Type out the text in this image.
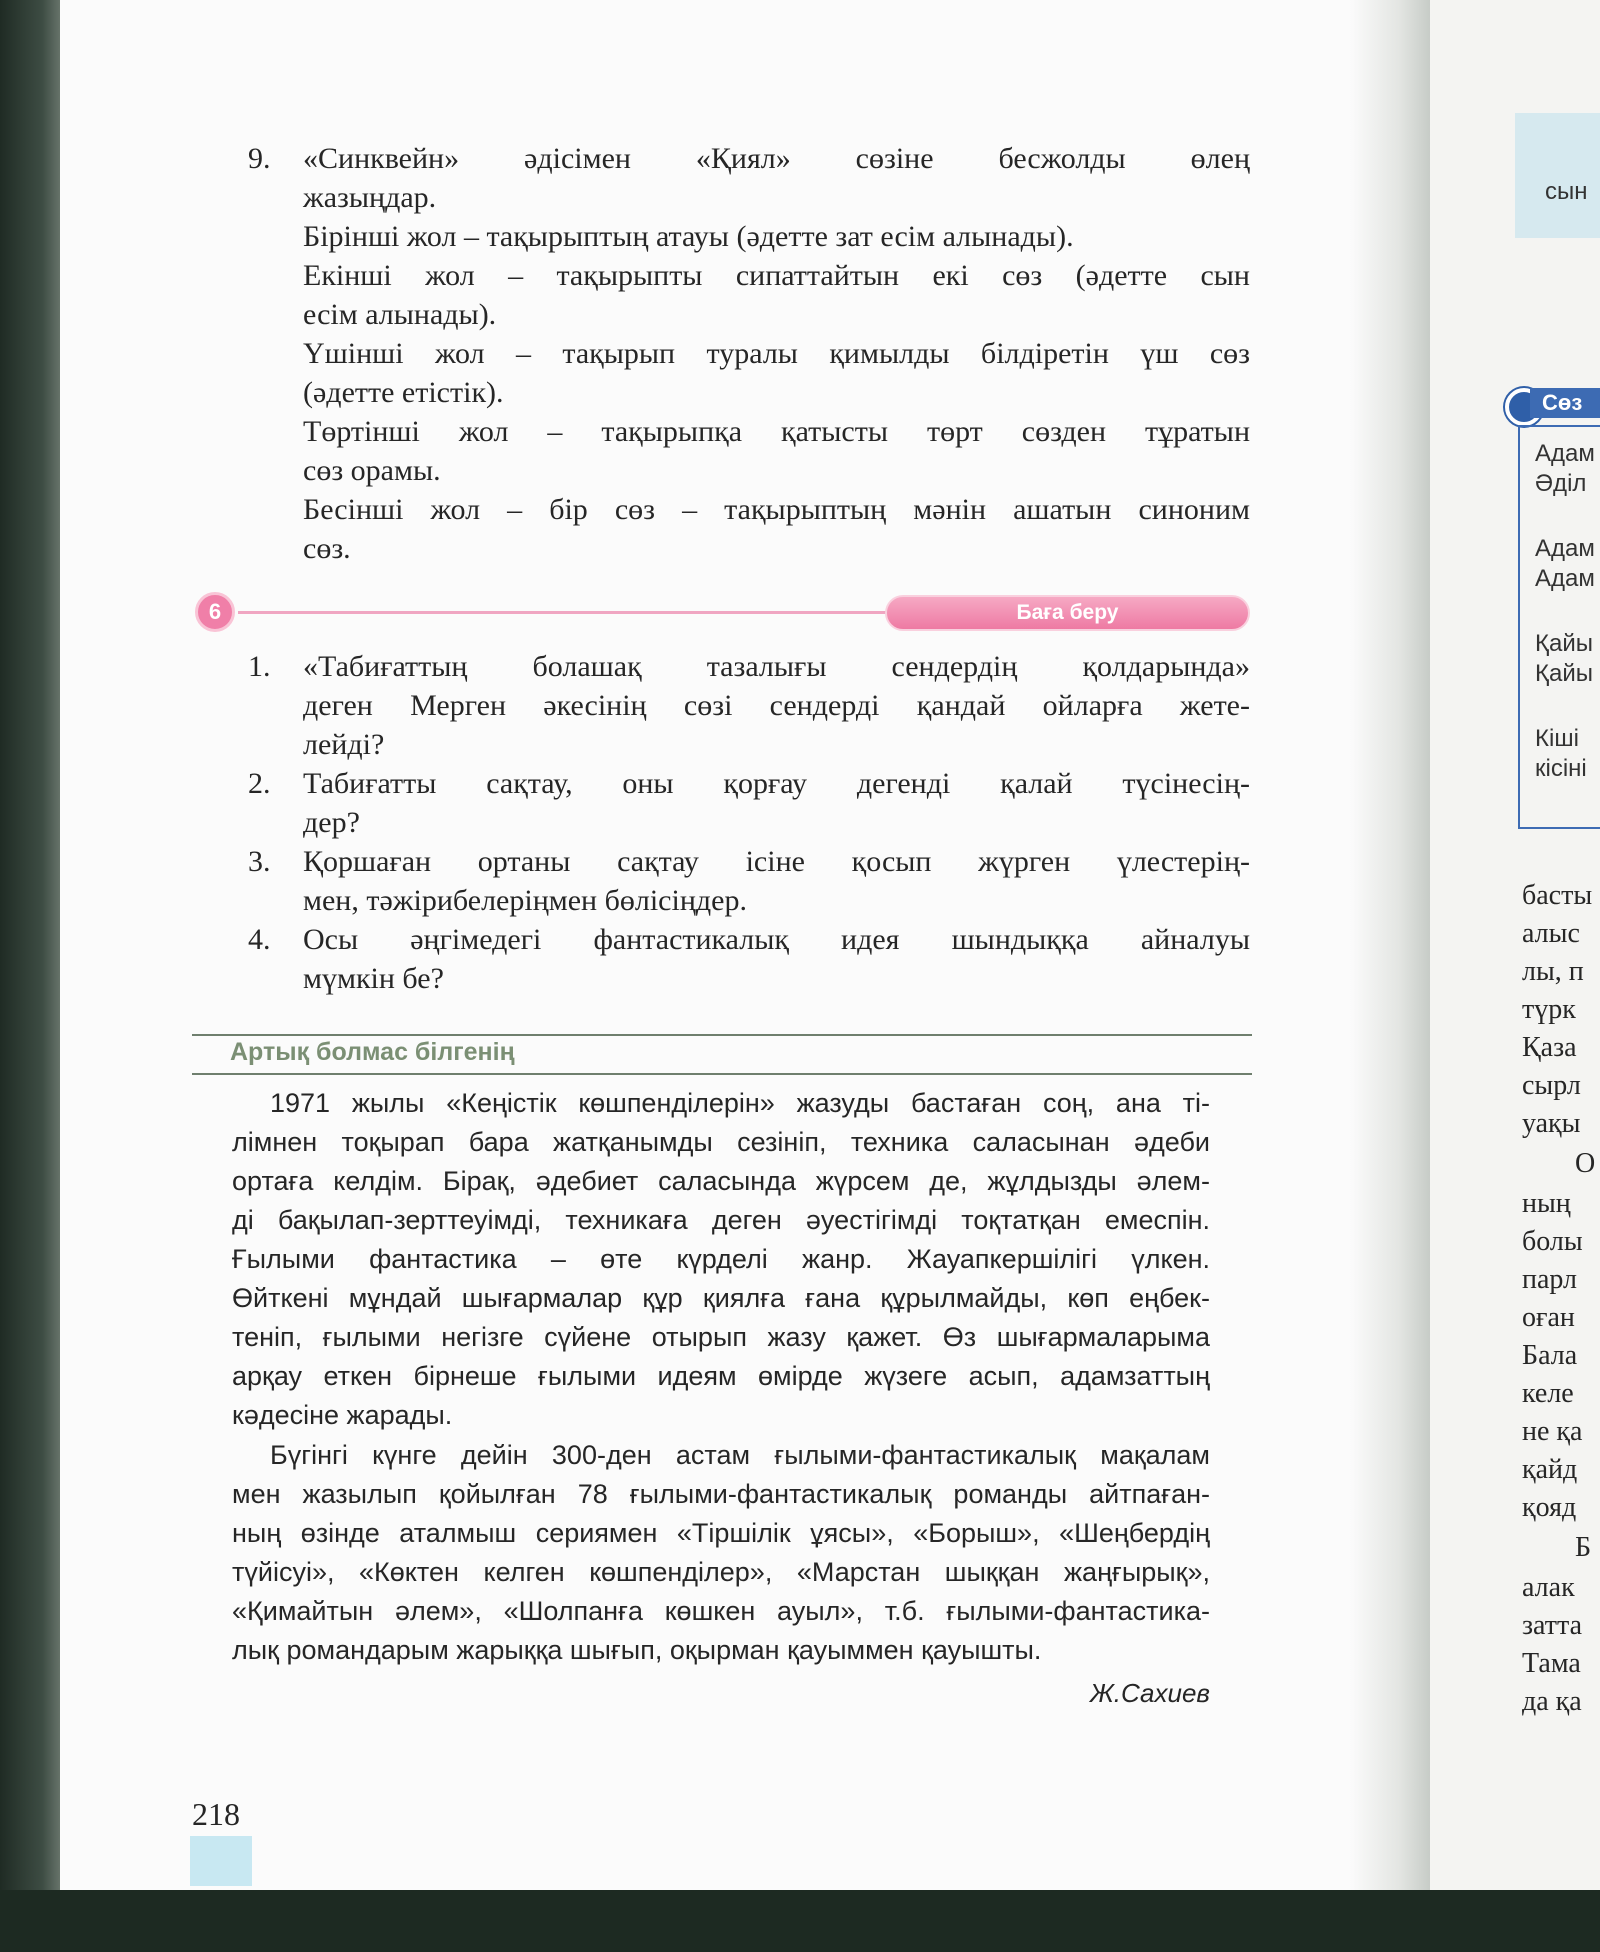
сын
Сөз
Адам
Әділ
Адам
Адам
Қайы
Қайы
Кіші
кісіні
басты
алыс
лы, п
түрк
Қаза
сырл
уақы
О
ның
болы
парл
оған
Бала
келе
не қа
қайд
қояд
Б
алак
затта
Тама
да қа
9.	«Синквейн» әдісімен «Қиял» сөзіне бесжолды өлең
жазыңдар.
Бірінші жол – тақырыптың атауы (әдетте зат есім алынады).
Екінші жол – тақырыпты сипаттайтын екі сөз (әдетте сын
есім алынады).
Үшінші жол – тақырып туралы қимылды білдіретін үш сөз
(әдетте етістік).
Төртінші жол – тақырыпқа қатысты төрт сөзден тұратын
сөз орамы.
Бесінші жол – бір сөз – тақырыптың мәнін ашатын синоним
сөз.
6	Баға беру
1.	«Табиғаттың болашақ тазалығы сендердің қолдарында»
деген Мерген әкесінің сөзі сендерді қандай ойларға жете-
лейді?
2.	Табиғатты сақтау, оны қорғау дегенді қалай түсінесің-
дер?
3.	Қоршаған ортаны сақтау ісіне қосып жүрген үлестерің-
мен, тәжірибелеріңмен бөлісіңдер.
4.	Осы әңгімедегі фантастикалық идея шындыққа айналуы
мүмкін бе?
Артық болмас білгенің
1971 жылы «Кеңістік көшпенділерін» жазуды бастаған соң, ана ті-
лімнен тоқырап бара жатқанымды сезініп, техника саласынан әдеби
ортаға келдім. Бірақ, әдебиет саласында жүрсем де, жұлдызды әлем-
ді бақылап-зерттеуімді, техникаға деген әуестігімді тоқтатқан емеспін.
Ғылыми фантастика – өте күрделі жанр. Жауапкершілігі үлкен.
Өйткені мұндай шығармалар құр қиялға ғана құрылмайды, көп еңбек-
теніп, ғылыми негізге сүйене отырып жазу қажет. Өз шығармаларыма
арқау еткен бірнеше ғылыми идеям өмірде жүзеге асып, адамзаттың
кәдесіне жарады.
Бүгінгі күнге дейін 300-ден астам ғылыми-фантастикалық мақалам
мен жазылып қойылған 78 ғылыми-фантастикалық романды айтпаған-
ның өзінде аталмыш сериямен «Тіршілік ұясы», «Борыш», «Шеңбердің
түйісуі», «Көктен келген көшпенділер», «Марстан шыққан жаңғырық»,
«Қимайтын әлем», «Шолпанға көшкен ауыл», т.б. ғылыми-фантастика-
лық романдарым жарыққа шығып, оқырман қауыммен қауышты.
Ж.Сахиев
218
